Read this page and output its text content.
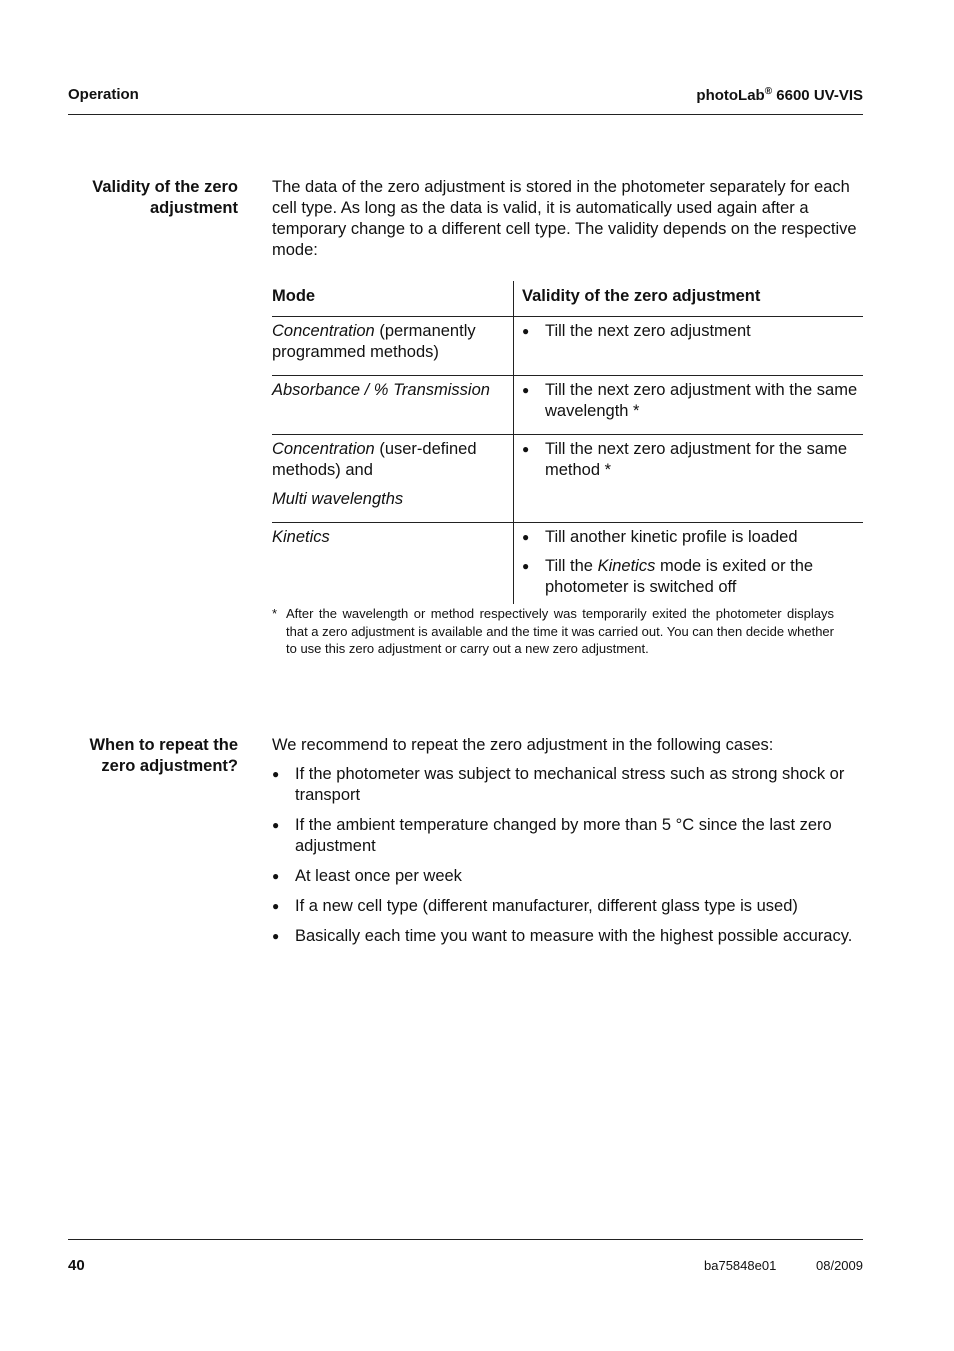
Operation	photoLab® 6600 UV-VIS
Validity of the zero
adjustment

The data of the zero adjustment is stored in the photometer separately for each cell type. As long as the data is valid, it is automatically used again after a temporary change to a different cell type. The validity depends on the respective mode:

Mode	Validity of the zero adjustment
Concentration (permanently programmed methods)	● Till the next zero adjustment

Absorbance / % Transmission	● Till the next zero adjustment with the same wavelength *

Concentration (user-defined methods) and
Multi wavelengths	● Till the next zero adjustment for the same method *

Kinetics	● Till another kinetic profile is loaded
● Till the Kinetics mode is exited or the photometer is switched off
* After the wavelength or method respectively was temporarily exited the photometer displays that a zero adjustment is available and the time it was carried out. You can then decide whether to use this zero adjustment or carry out a new zero adjustment.
When to repeat the
zero adjustment?

We recommend to repeat the zero adjustment in the following cases:

● If the photometer was subject to mechanical stress such as strong shock or transport
● If the ambient temperature changed by more than 5 °C since the last zero adjustment
● At least once per week
● If a new cell type (different manufacturer, different glass type is used)
● Basically each time you want to measure with the highest possible accuracy.
40	ba75848e01	08/2009
